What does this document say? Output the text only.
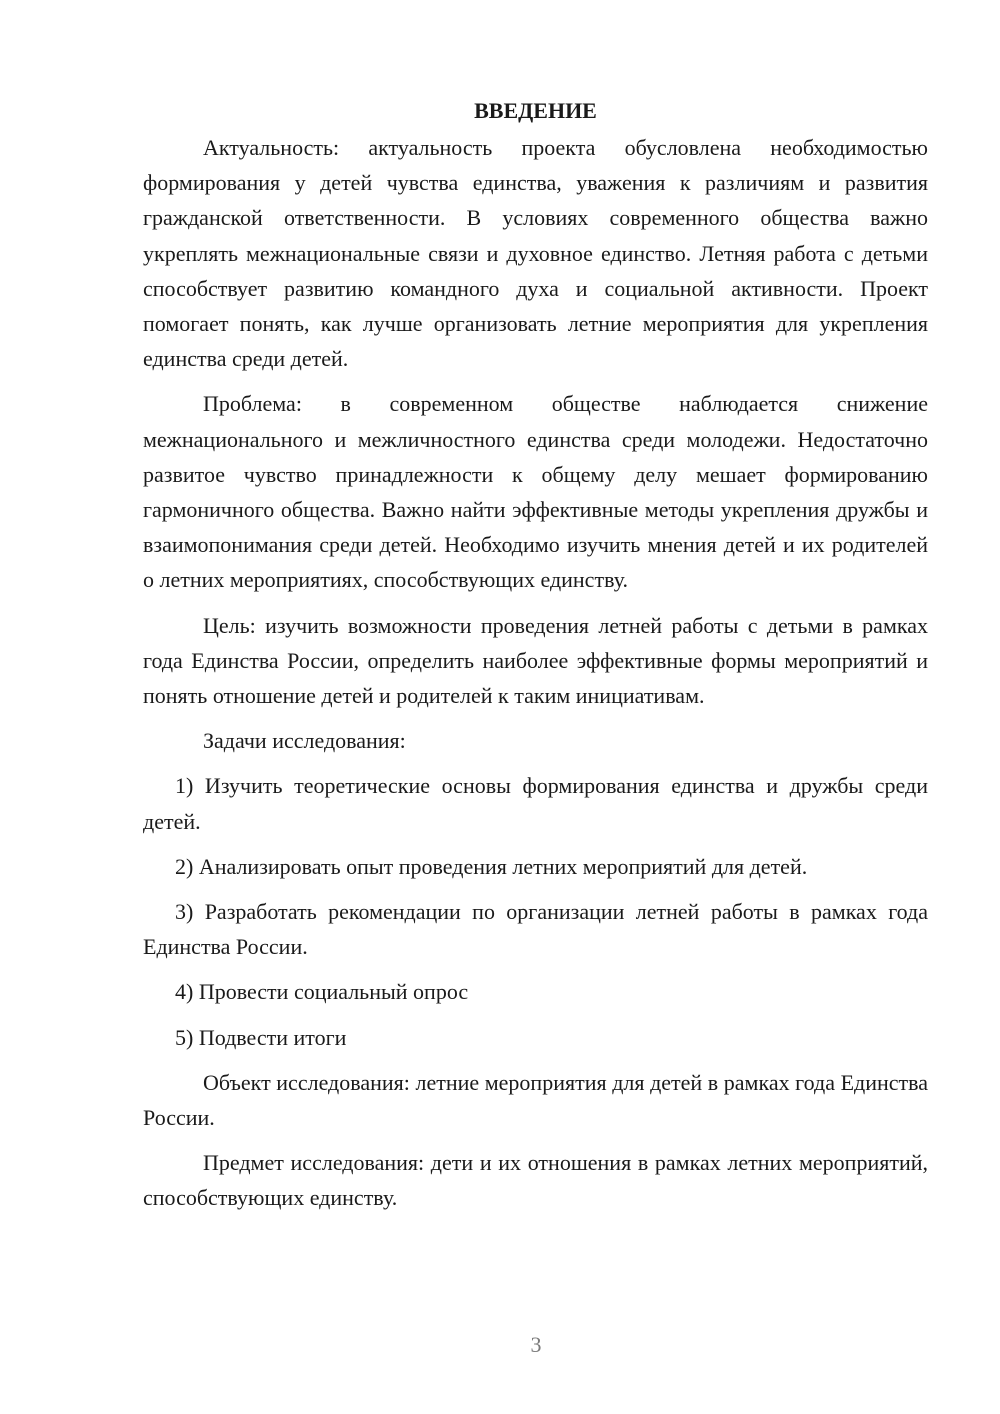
ВВЕДЕНИЕ

Актуальность: актуальность проекта обусловлена необходимостью формирования у детей чувства единства, уважения к различиям и развития гражданской ответственности. В условиях современного общества важно укреплять межнациональные связи и духовное единство. Летняя работа с детьми способствует развитию командного духа и социальной активности. Проект помогает понять, как лучше организовать летние мероприятия для укрепления единства среди детей.

Проблема: в современном обществе наблюдается снижение межнационального и межличностного единства среди молодежи. Недостаточно развитое чувство принадлежности к общему делу мешает формированию гармоничного общества. Важно найти эффективные методы укрепления дружбы и взаимопонимания среди детей. Необходимо изучить мнения детей и их родителей о летних мероприятиях, способствующих единству.

Цель: изучить возможности проведения летней работы с детьми в рамках года Единства России, определить наиболее эффективные формы мероприятий и понять отношение детей и родителей к таким инициативам.

Задачи исследования:

1) Изучить теоретические основы формирования единства и дружбы среди детей.

2) Анализировать опыт проведения летних мероприятий для детей.

3) Разработать рекомендации по организации летней работы в рамках года Единства России.

4) Провести социальный опрос

5) Подвести итоги

Объект исследования: летние мероприятия для детей в рамках года Единства России.

Предмет исследования: дети и их отношения в рамках летних мероприятий, способствующих единству.

3
